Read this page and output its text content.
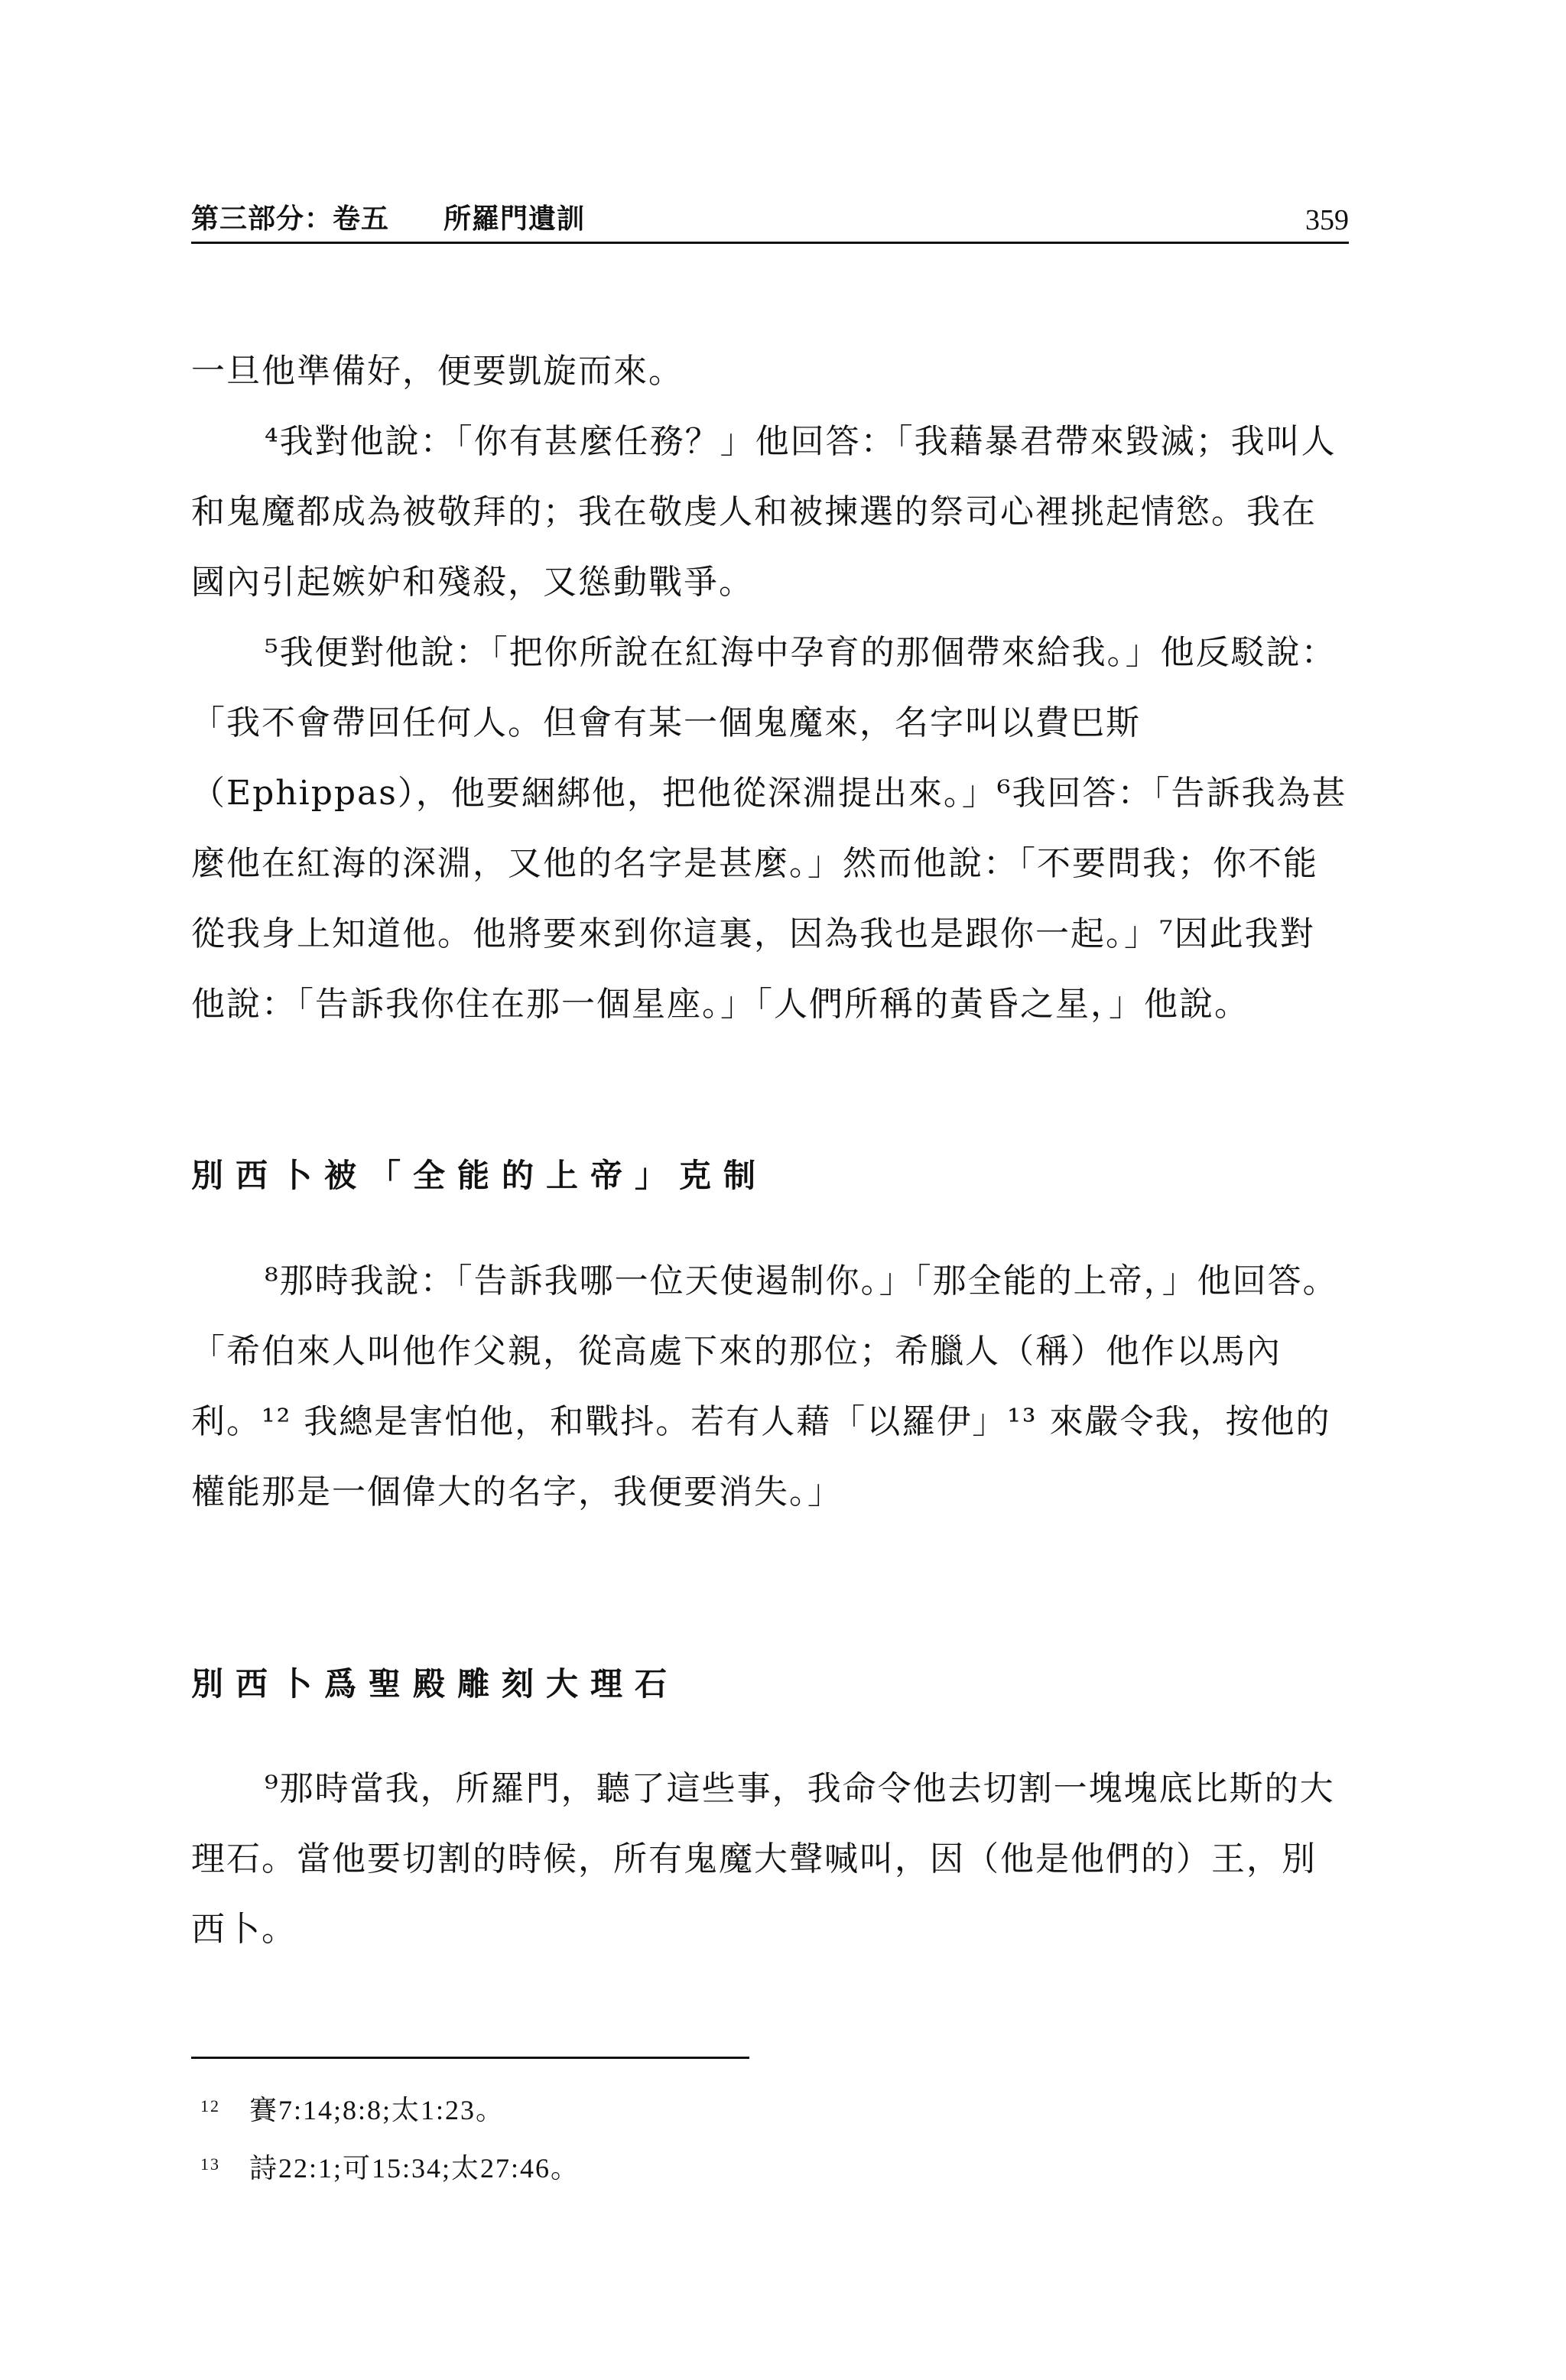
第三部分：卷五 所羅門遺訓	359

一旦他準備好，便要凱旋而來。

⁴我對他說：「你有甚麼任務？」他回答：「我藉暴君帶來毀滅；我叫人和鬼魔都成為被敬拜的；我在敬虔人和被揀選的祭司心裡挑起情慾。我在國內引起嫉妒和殘殺，又慫動戰爭。

⁵我便對他說：「把你所說在紅海中孕育的那個帶來給我。」他反駁說：「我不會帶回任何人。但會有某一個鬼魔來，名字叫以費巴斯（Ephippas），他要綑綁他，把他從深淵提出來。」⁶我回答：「告訴我為甚麼他在紅海的深淵，又他的名字是甚麼。」然而他說：「不要問我；你不能從我身上知道他。他將要來到你這裏，因為我也是跟你一起。」⁷因此我對他說：「告訴我你住在那一個星座。」「人們所稱的黃昏之星，」他說。

別西卜被「全能的上帝」克制

⁸那時我說：「告訴我哪一位天使遏制你。」「那全能的上帝，」他回答。「希伯來人叫他作父親，從高處下來的那位；希臘人（稱）他作以馬內利。¹² 我總是害怕他，和戰抖。若有人藉「以羅伊」¹³ 來嚴令我，按他的權能那是一個偉大的名字，我便要消失。」

別西卜爲聖殿雕刻大理石

⁹那時當我，所羅門，聽了這些事，我命令他去切割一塊塊底比斯的大理石。當他要切割的時候，所有鬼魔大聲喊叫，因（他是他們的）王，別西卜。

12 賽7:14;8:8;太1:23。
13 詩22:1;可15:34;太27:46。
